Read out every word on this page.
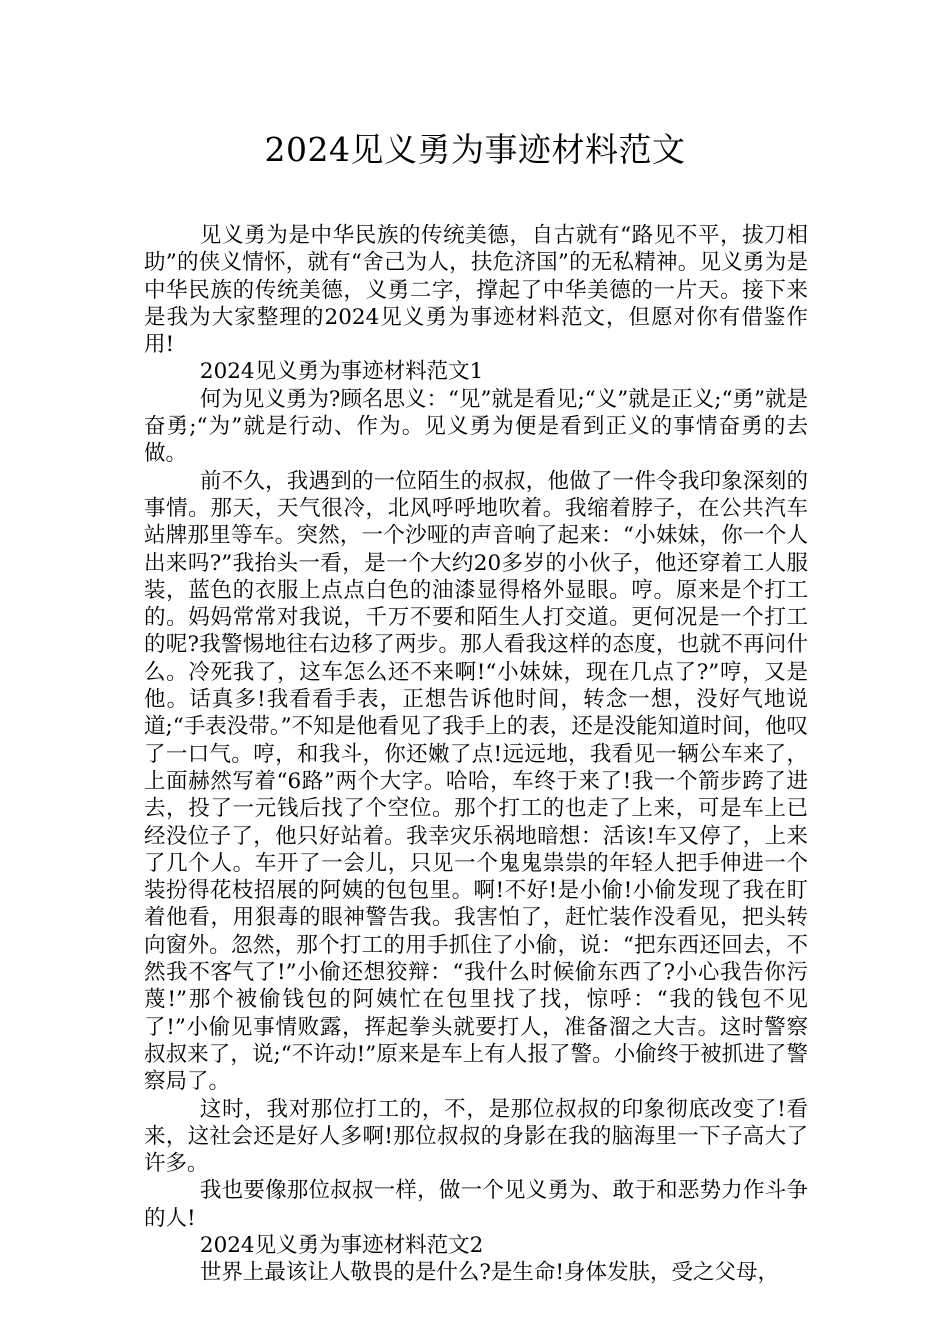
2024见义勇为事迹材料范文

见义勇为是中华民族的传统美德，自古就有“路见不平，拔刀相助”的侠义情怀，就有“舍己为人，扶危济国”的无私精神。见义勇为是中华民族的传统美德，义勇二字，撑起了中华美德的一片天。接下来是我为大家整理的2024见义勇为事迹材料范文，但愿对你有借鉴作用!

2024见义勇为事迹材料范文1

何为见义勇为?顾名思义：“见”就是看见;“义”就是正义;“勇”就是奋勇;“为”就是行动、作为。见义勇为便是看到正义的事情奋勇的去做。

前不久，我遇到的一位陌生的叔叔，他做了一件令我印象深刻的事情。那天，天气很冷，北风呼呼地吹着。我缩着脖子，在公共汽车站牌那里等车。突然，一个沙哑的声音响了起来：“小妹妹，你一个人出来吗?”我抬头一看，是一个大约20多岁的小伙子，他还穿着工人服装，蓝色的衣服上点点白色的油漆显得格外显眼。哼。原来是个打工的。妈妈常常对我说，千万不要和陌生人打交道。更何况是一个打工的呢?我警惕地往右边移了两步。那人看我这样的态度，也就不再问什么。冷死我了，这车怎么还不来啊!“小妹妹，现在几点了?”哼，又是他。话真多!我看看手表，正想告诉他时间，转念一想，没好气地说道;“手表没带。”不知是他看见了我手上的表，还是没能知道时间，他叹了一口气。哼，和我斗，你还嫩了点!远远地，我看见一辆公车来了，上面赫然写着“6路”两个大字。哈哈，车终于来了!我一个箭步跨了进去，投了一元钱后找了个空位。那个打工的也走了上来，可是车上已经没位子了，他只好站着。我幸灾乐祸地暗想：活该!车又停了，上来了几个人。车开了一会儿，只见一个鬼鬼祟祟的年轻人把手伸进一个装扮得花枝招展的阿姨的包包里。啊!不好!是小偷!小偷发现了我在盯着他看，用狠毒的眼神警告我。我害怕了，赶忙装作没看见，把头转向窗外。忽然，那个打工的用手抓住了小偷，说：“把东西还回去，不然我不客气了!”小偷还想狡辩：“我什么时候偷东西了?小心我告你污蔑!”那个被偷钱包的阿姨忙在包里找了找，惊呼：“我的钱包不见了!”小偷见事情败露，挥起拳头就要打人，准备溜之大吉。这时警察叔叔来了，说;“不许动!”原来是车上有人报了警。小偷终于被抓进了警察局了。

这时，我对那位打工的，不，是那位叔叔的印象彻底改变了!看来，这社会还是好人多啊!那位叔叔的身影在我的脑海里一下子高大了许多。

我也要像那位叔叔一样，做一个见义勇为、敢于和恶势力作斗争的人!

2024见义勇为事迹材料范文2

世界上最该让人敬畏的是什么?是生命!身体发肤，受之父母，
